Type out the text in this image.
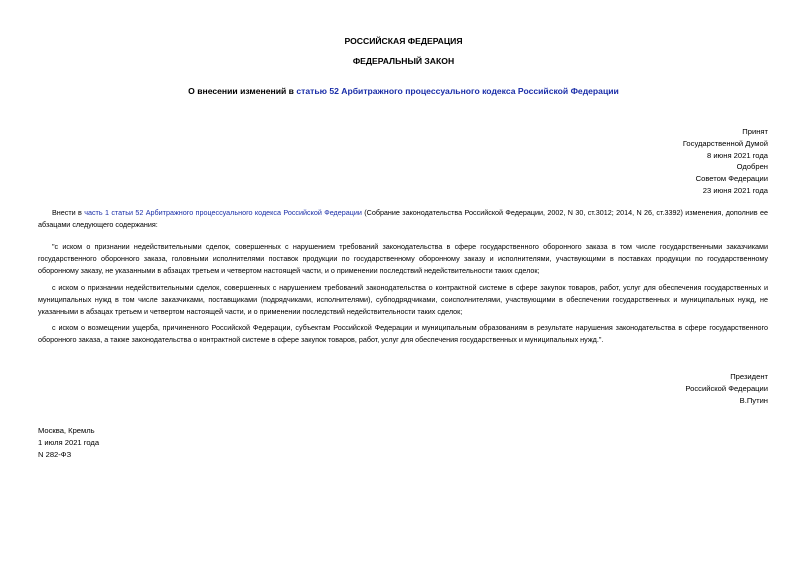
РОССИЙСКАЯ ФЕДЕРАЦИЯ
ФЕДЕРАЛЬНЫЙ ЗАКОН
О внесении изменений в статью 52 Арбитражного процессуального кодекса Российской Федерации
Принят
Государственной Думой
8 июня 2021 года
Одобрен
Советом Федерации
23 июня 2021 года
Внести в часть 1 статьи 52 Арбитражного процессуального кодекса Российской Федерации (Собрание законодательства Российской Федерации, 2002, N 30, ст.3012; 2014, N 26, ст.3392) изменения, дополнив ее абзацами следующего содержания:
"с иском о признании недействительными сделок, совершенных с нарушением требований законодательства в сфере государственного оборонного заказа в том числе государственными заказчиками государственного оборонного заказа, головными исполнителями поставок продукции по государственному оборонному заказу и исполнителями, участвующими в поставках продукции по государственному оборонному заказу, не указанными в абзацах третьем и четвертом настоящей части, и о применении последствий недействительности таких сделок;
с иском о признании недействительными сделок, совершенных с нарушением требований законодательства о контрактной системе в сфере закупок товаров, работ, услуг для обеспечения государственных и муниципальных нужд в том числе заказчиками, поставщиками (подрядчиками, исполнителями), субподрядчиками, соисполнителями, участвующими в обеспечении государственных и муниципальных нужд, не указанными в абзацах третьем и четвертом настоящей части, и о применении последствий недействительности таких сделок;
с иском о возмещении ущерба, причиненного Российской Федерации, субъектам Российской Федерации и муниципальным образованиям в результате нарушения законодательства в сфере государственного оборонного заказа, а также законодательства о контрактной системе в сфере закупок товаров, работ, услуг для обеспечения государственных и муниципальных нужд.".
Президент
Российской Федерации
В.Путин
Москва, Кремль
1 июля 2021 года
N 282-ФЗ
